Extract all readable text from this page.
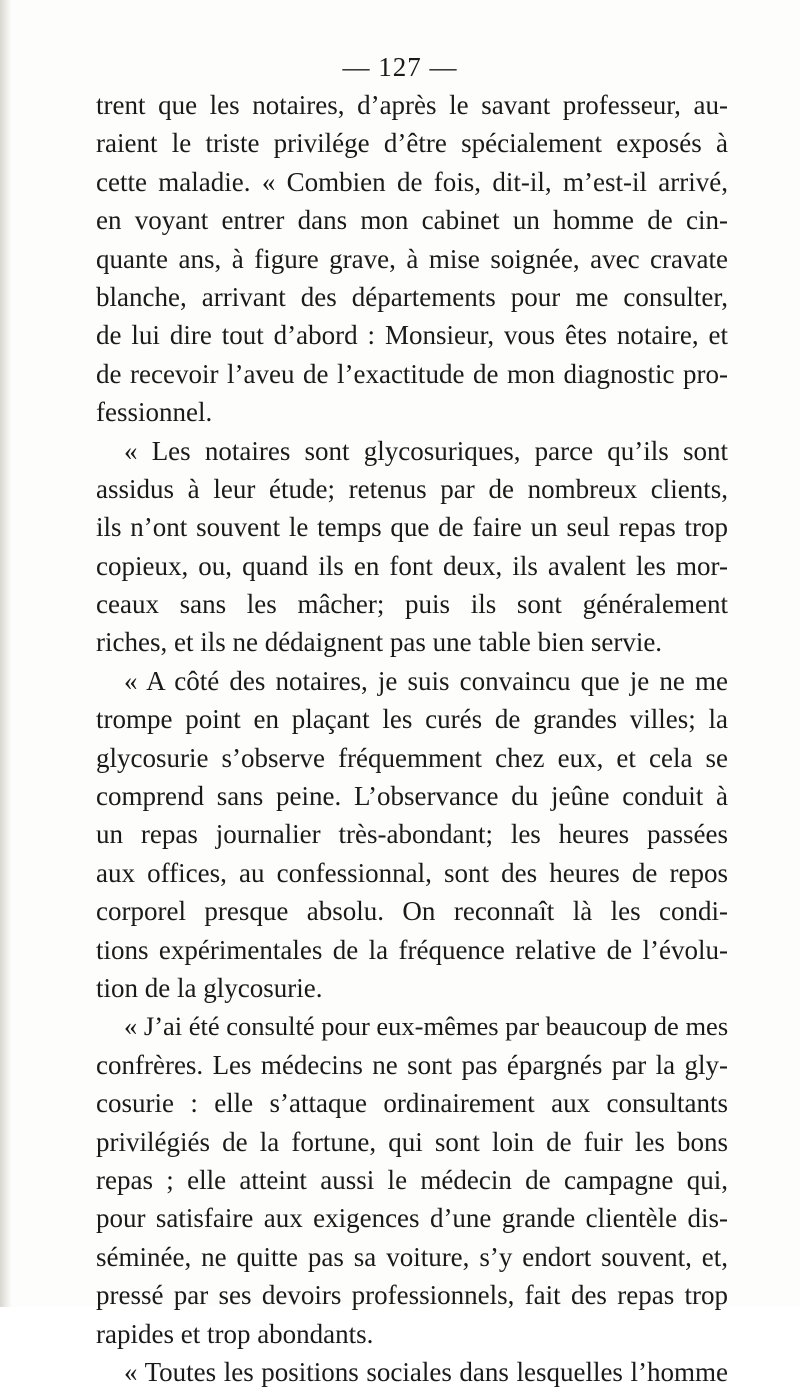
— 127 —
trent que les notaires, d’après le savant professeur, au-
raient le triste privilége d’être spécialement exposés à
cette maladie. « Combien de fois, dit-il, m’est-il arrivé,
en voyant entrer dans mon cabinet un homme de cin-
quante ans, à figure grave, à mise soignée, avec cravate
blanche, arrivant des départements pour me consulter,
de lui dire tout d’abord : Monsieur, vous êtes notaire, et
de recevoir l’aveu de l’exactitude de mon diagnostic pro-
fessionnel.
« Les notaires sont glycosuriques, parce qu’ils sont
assidus à leur étude; retenus par de nombreux clients,
ils n’ont souvent le temps que de faire un seul repas trop
copieux, ou, quand ils en font deux, ils avalent les mor-
ceaux sans les mâcher; puis ils sont généralement
riches, et ils ne dédaignent pas une table bien servie.
« A côté des notaires, je suis convaincu que je ne me
trompe point en plaçant les curés de grandes villes; la
glycosurie s’observe fréquemment chez eux, et cela se
comprend sans peine. L’observance du jeûne conduit à
un repas journalier très-abondant; les heures passées
aux offices, au confessionnal, sont des heures de repos
corporel presque absolu. On reconnaît là les condi-
tions expérimentales de la fréquence relative de l’évolu-
tion de la glycosurie.
« J’ai été consulté pour eux-mêmes par beaucoup de mes
confrères. Les médecins ne sont pas épargnés par la gly-
cosurie : elle s’attaque ordinairement aux consultants
privilégiés de la fortune, qui sont loin de fuir les bons
repas ; elle atteint aussi le médecin de campagne qui,
pour satisfaire aux exigences d’une grande clientèle dis-
séminée, ne quitte pas sa voiture, s’y endort souvent, et,
pressé par ses devoirs professionnels, fait des repas trop
rapides et trop abondants.
« Toutes les positions sociales dans lesquelles l’homme
